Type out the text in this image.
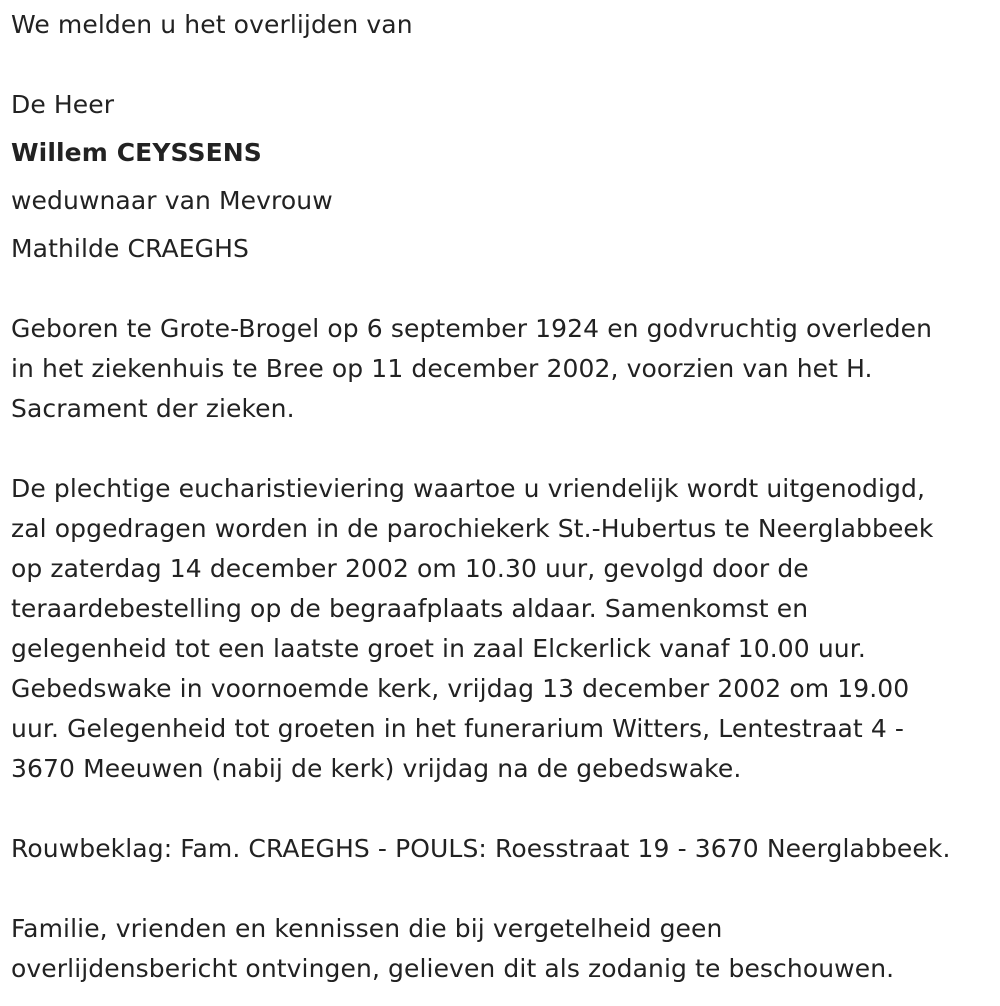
We melden u het overlijden van
De Heer
Willem CEYSSENS
weduwnaar van Mevrouw
Mathilde CRAEGHS
Geboren te Grote-Brogel op 6 september 1924 en godvruchtig overleden
in het ziekenhuis te Bree op 11 december 2002, voorzien van het H.
Sacrament der zieken.
De plechtige eucharistieviering waartoe u vriendelijk wordt uitgenodigd,
zal opgedragen worden in de parochiekerk St.-Hubertus te Neerglabbeek
op zaterdag 14 december 2002 om 10.30 uur, gevolgd door de
teraardebestelling op de begraafplaats aldaar. Samenkomst en
gelegenheid tot een laatste groet in zaal Elckerlick vanaf 10.00 uur.
Gebedswake in voornoemde kerk, vrijdag 13 december 2002 om 19.00
uur. Gelegenheid tot groeten in het funerarium Witters, Lentestraat 4 -
3670 Meeuwen (nabij de kerk) vrijdag na de gebedswake.
Rouwbeklag: Fam. CRAEGHS - POULS: Roesstraat 19 - 3670 Neerglabbeek.
Familie, vrienden en kennissen die bij vergetelheid geen
overlijdensbericht ontvingen, gelieven dit als zodanig te beschouwen.
